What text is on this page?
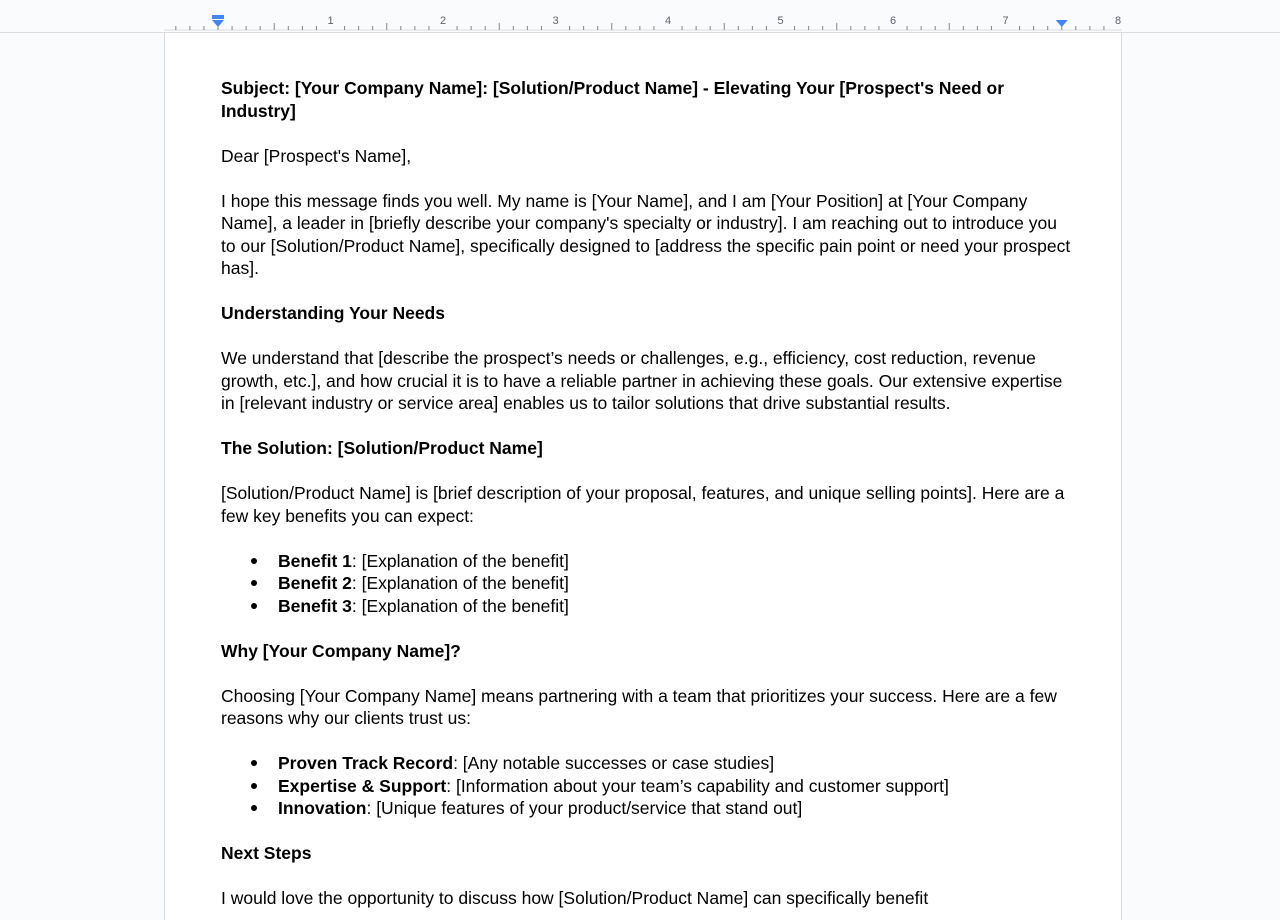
1	2	3	4	5	6	7	8

Subject: [Your Company Name]: [Solution/Product Name] - Elevating Your [Prospect's Need or Industry]

Dear [Prospect's Name],

I hope this message finds you well. My name is [Your Name], and I am [Your Position] at [Your Company Name], a leader in [briefly describe your company's specialty or industry]. I am reaching out to introduce you to our [Solution/Product Name], specifically designed to [address the specific pain point or need your prospect has].

Understanding Your Needs

We understand that [describe the prospect’s needs or challenges, e.g., efficiency, cost reduction, revenue growth, etc.], and how crucial it is to have a reliable partner in achieving these goals. Our extensive expertise in [relevant industry or service area] enables us to tailor solutions that drive substantial results.

The Solution: [Solution/Product Name]

[Solution/Product Name] is [brief description of your proposal, features, and unique selling points]. Here are a few key benefits you can expect:

Benefit 1: [Explanation of the benefit]
Benefit 2: [Explanation of the benefit]
Benefit 3: [Explanation of the benefit]

Why [Your Company Name]?

Choosing [Your Company Name] means partnering with a team that prioritizes your success. Here are a few reasons why our clients trust us:

Proven Track Record: [Any notable successes or case studies]
Expertise & Support: [Information about your team’s capability and customer support]
Innovation: [Unique features of your product/service that stand out]

Next Steps

I would love the opportunity to discuss how [Solution/Product Name] can specifically benefit
